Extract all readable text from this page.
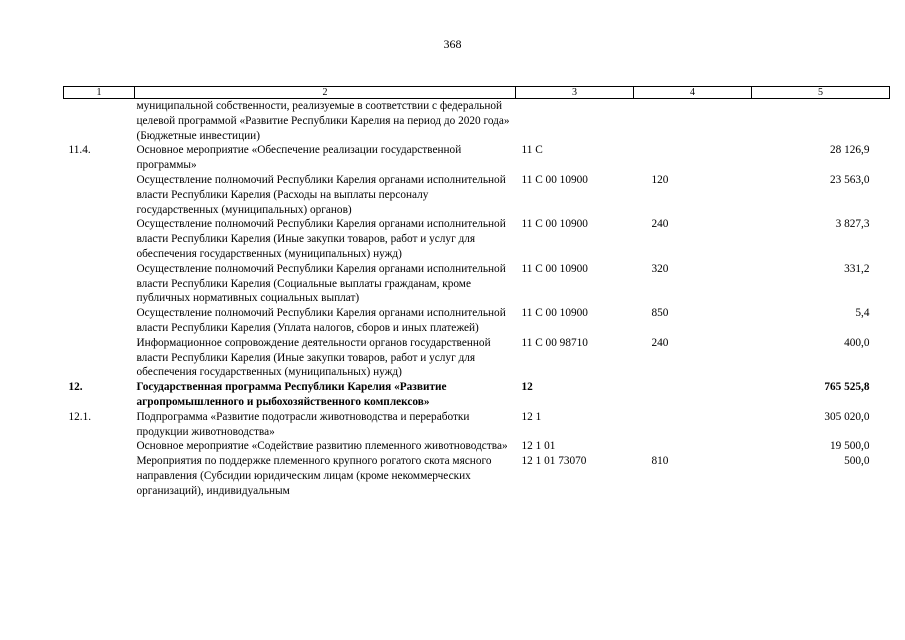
368
1	2	3	4	5
	муниципальной собственности, реализуемые в соответствии с федеральной целевой программой «Развитие Республики Карелия на период до 2020 года» (Бюджетные инвестиции)			
11.4.	Основное мероприятие «Обеспечение реализации государственной программы»	11 С		28 126,9
	Осуществление полномочий Республики Карелия органами исполнительной власти Республики Карелия (Расходы на выплаты персоналу государственных (муниципальных) органов)	11 С 00 10900	120	23 563,0
	Осуществление полномочий Республики Карелия органами исполнительной власти Республики Карелия (Иные закупки товаров, работ и услуг для обеспечения государственных (муниципальных) нужд)	11 С 00 10900	240	3 827,3
	Осуществление полномочий Республики Карелия органами исполнительной власти Республики Карелия (Социальные выплаты гражданам, кроме публичных нормативных социальных выплат)	11 С 00 10900	320	331,2
	Осуществление полномочий Республики Карелия органами исполнительной власти Республики Карелия (Уплата налогов, сборов и иных платежей)	11 С 00 10900	850	5,4
	Информационное сопровождение деятельности органов государственной власти Республики Карелия (Иные закупки товаров, работ и услуг для обеспечения государственных (муниципальных) нужд)	11 С 00 98710	240	400,0
12.	Государственная программа Республики Карелия «Развитие агропромышленного и рыбохозяйственного комплексов»	12		765 525,8
12.1.	Подпрограмма «Развитие подотрасли животноводства и переработки продукции животноводства»	12 1		305 020,0
	Основное мероприятие «Содействие развитию племенного животноводства»	12 1 01		19 500,0
	Мероприятия по поддержке племенного крупного рогатого скота мясного направления (Субсидии юридическим лицам (кроме некоммерческих организаций), индивидуальным	12 1 01 73070	810	500,0
